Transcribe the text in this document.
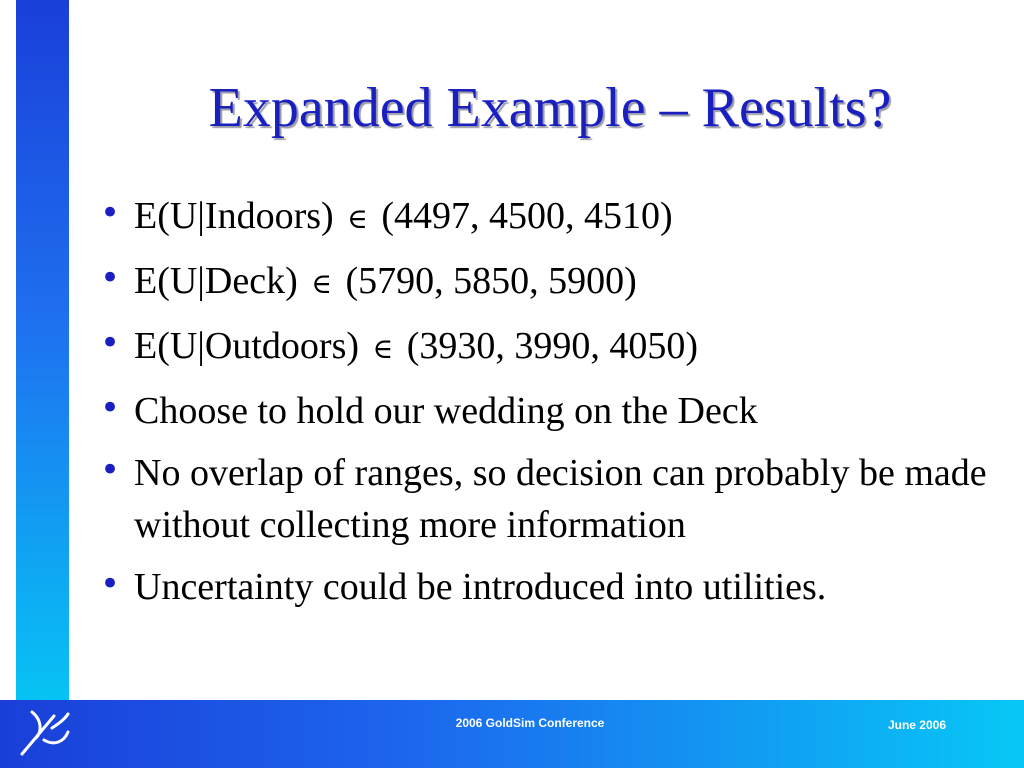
Expanded Example – Results?
• E(U|Indoors) ∈ (4497, 4500, 4510)
• E(U|Deck) ∈ (5790, 5850, 5900)
• E(U|Outdoors) ∈ (3930, 3990, 4050)
• Choose to hold our wedding on the Deck
• No overlap of ranges, so decision can probably be made without collecting more information
• Uncertainty could be introduced into utilities.
2006 GoldSim Conference	June 2006
